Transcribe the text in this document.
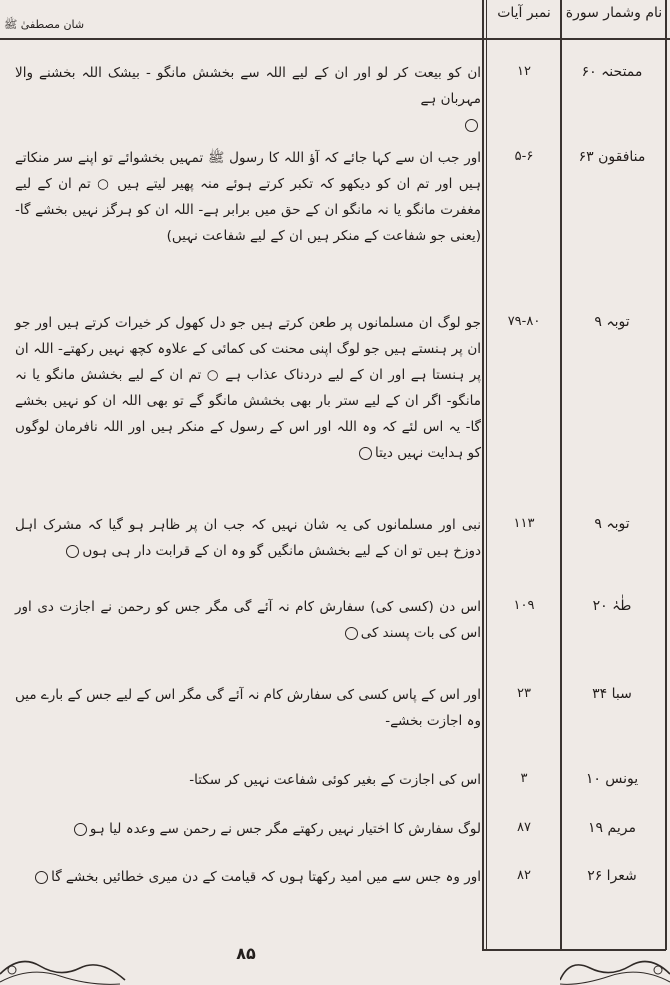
شان مصطفیٰ ﷺ
نام وشمار سورة
نمبر آیات
ممتحنہ ۶۰
۱۲
ان کو بیعت کر لو اور ان کے لیے اللہ سے بخشش مانگو - بیشک اللہ بخشنے والا مہربان ہے

منافقون ۶۳
۵-۶
اور جب ان سے کہا جائے کہ آؤ اللہ کا رسول ﷺ تمہیں بخشوائے تو اپنے سر منکاتے ہیں اور تم ان کو دیکھو کہ تکبر کرتے ہوئے منہ پھیر لیتے ہیں ○ تم ان کے لیے مغفرت مانگو یا نہ مانگو ان کے حق میں برابر ہے- اللہ ان کو ہرگز نہیں بخشے گا- (یعنی جو شفاعت کے منکر ہیں ان کے لیے شفاعت نہیں)
توبہ ۹
۷۹-۸۰
جو لوگ ان مسلمانوں پر طعن کرتے ہیں جو دل کھول کر خیرات کرتے ہیں اور جو ان پر ہنستے ہیں جو لوگ اپنی محنت کی کمائی کے علاوہ کچھ نہیں رکھتے- اللہ ان پر ہنستا ہے اور ان کے لیے دردناک عذاب ہے ○ تم ان کے لیے بخشش مانگو یا نہ مانگو- اگر ان کے لیے ستر بار بھی بخشش مانگو گے تو بھی اللہ ان کو نہیں بخشے گا- یہ اس لئے کہ وہ اللہ اور اس کے رسول کے منکر ہیں اور اللہ نافرمان لوگوں کو ہدایت نہیں دیتا
توبہ ۹
۱۱۳
نبی اور مسلمانوں کی یہ شان نہیں کہ جب ان پر ظاہر ہو گیا کہ مشرک اہل دوزخ ہیں تو ان کے لیے بخشش مانگیں گو وہ ان کے قرابت دار ہی ہوں
طٰہٰ ۲۰
۱۰۹
اس دن (کسی کی) سفارش کام نہ آئے گی مگر جس کو رحمن نے اجازت دی اور اس کی بات پسند کی
سبا ۳۴
۲۳
اور اس کے پاس کسی کی سفارش کام نہ آئے گی مگر اس کے لیے جس کے بارے میں وہ اجازت بخشے-
یونس ۱۰
۳
اس کی اجازت کے بغیر کوئی شفاعت نہیں کر سکتا-
مریم ۱۹
۸۷
لوگ سفارش کا اختیار نہیں رکھتے مگر جس نے رحمن سے وعدہ لیا ہو
شعرا ۲۶
۸۲
اور وہ جس سے میں امید رکھتا ہوں کہ قیامت کے دن میری خطائیں بخشے گا
۸۵
